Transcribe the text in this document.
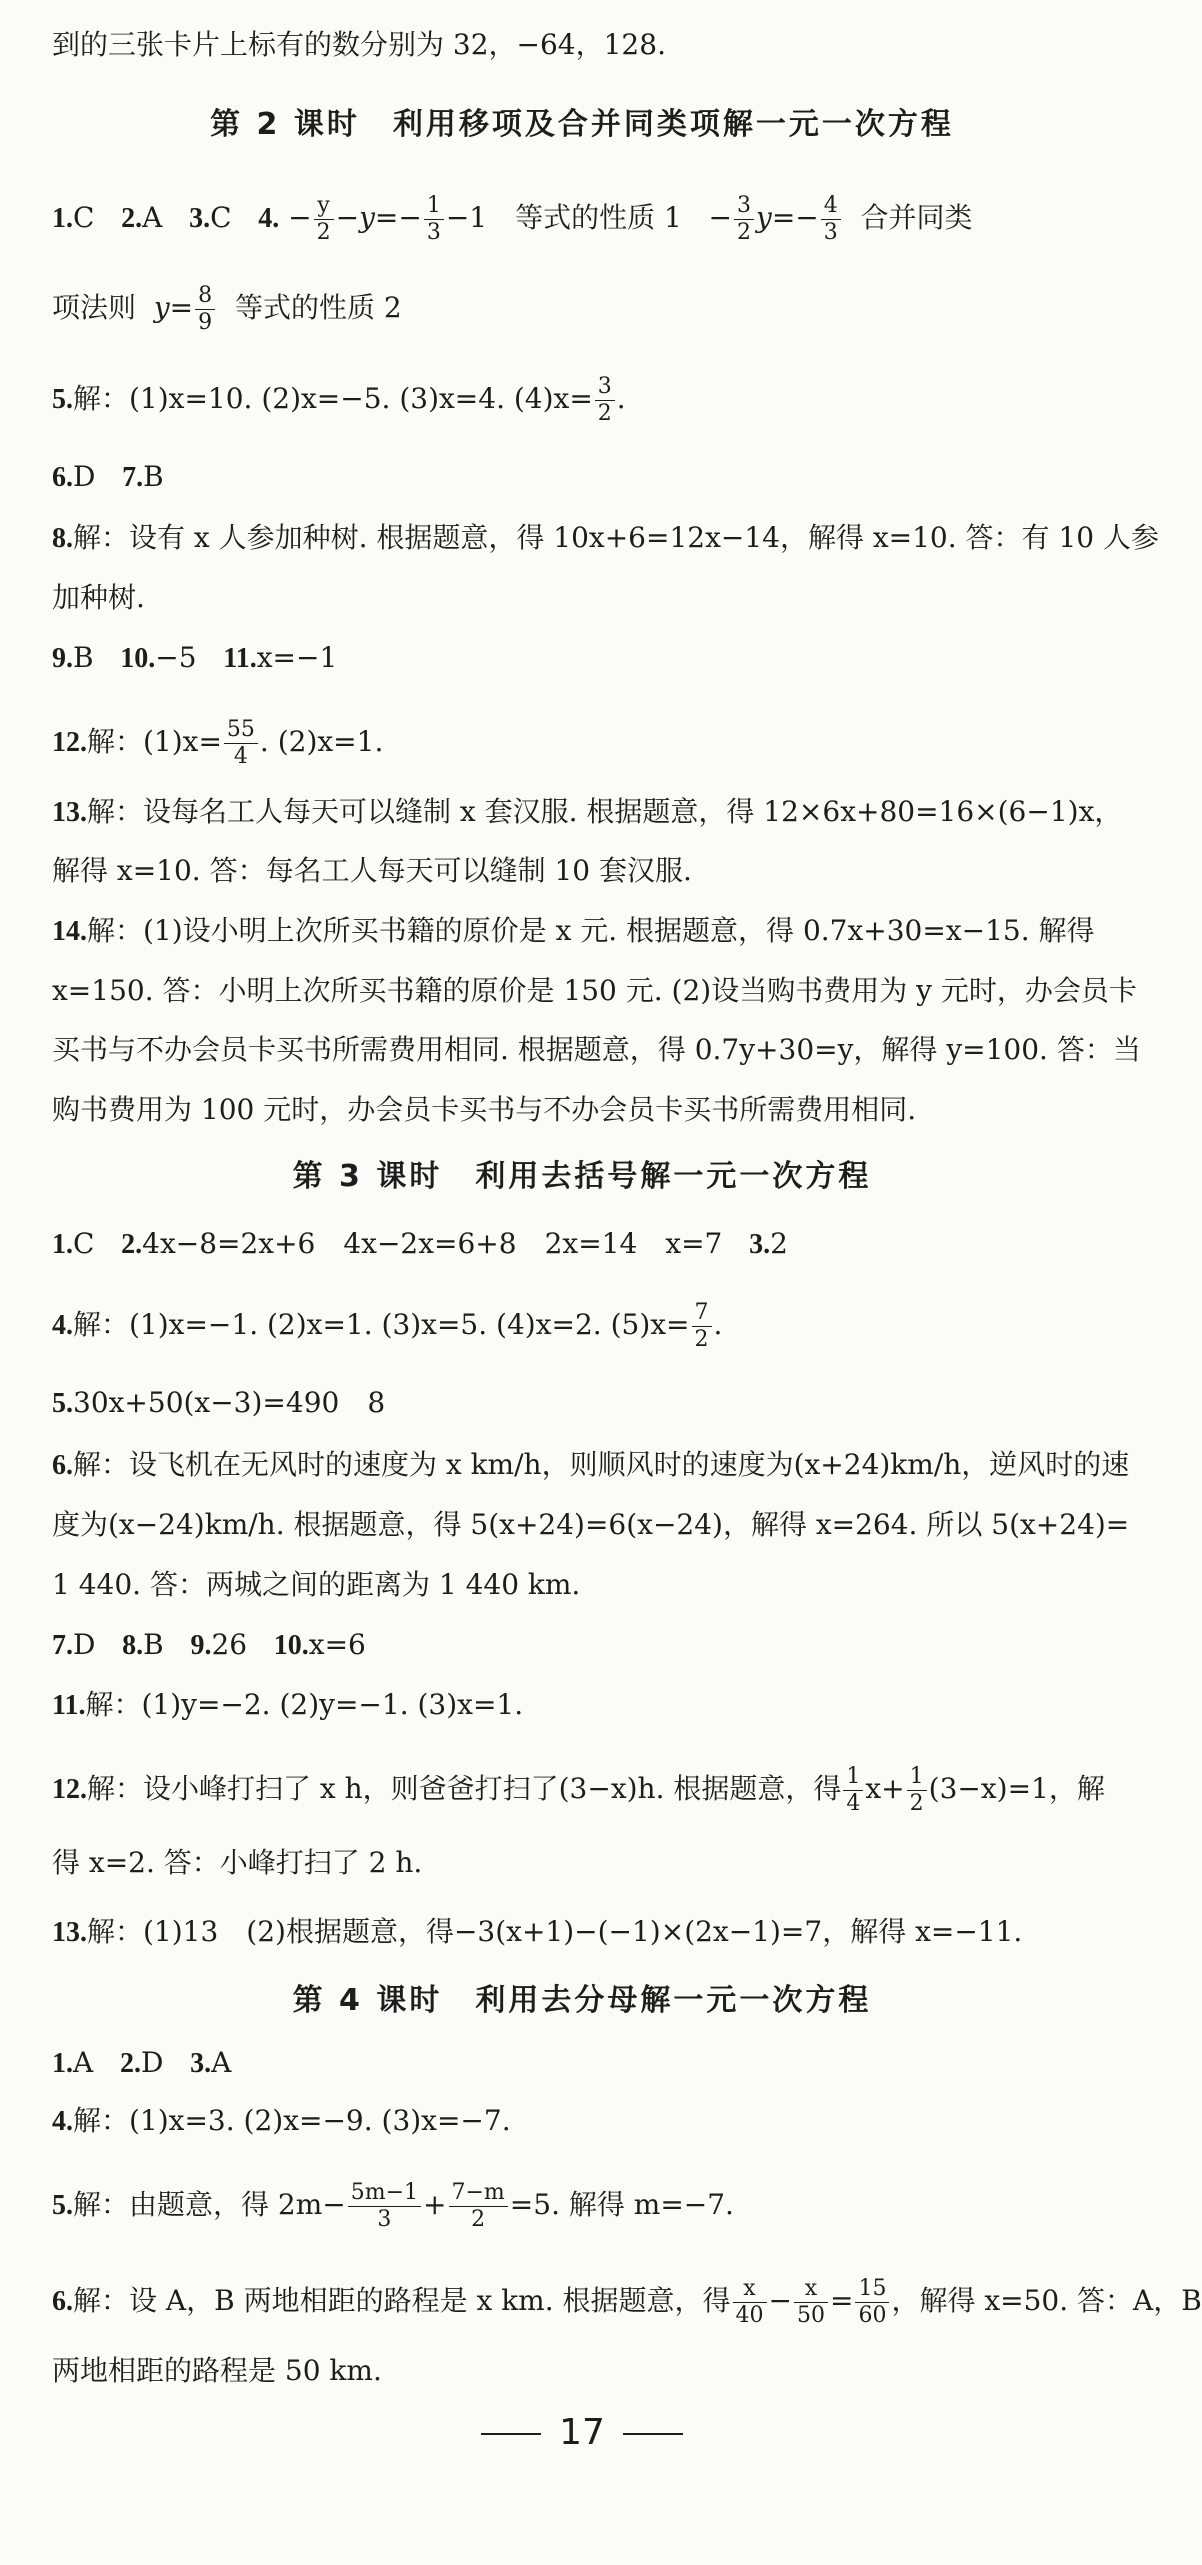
到的三张卡片上标有的数分别为 32，−64，128.
第 2 课时　利用移项及合并同类项解一元一次方程
1.C 2.A 3.C 4. − $\frac{y}{2} -y=- \frac{1}{3} -1$　等式的性质 $1 - \frac{3}{2} y=- \frac{4}{3}$ 合并同类
项法则 $y= \frac{8}{9}$ 等式的性质 2
5.解：(1)x=10. (2)x=−5. (3)x=4. $(4)x= \frac{3}{2}$ .
6.D 7.B
8.解：设有 x 人参加种树. 根据题意，得 10x+6=12x−14，解得 x=10. 答：有 10 人参
加种树.
9.B 10.−5 11.x=−1
12.解：$(1)x= \frac{55}{4}$ . (2)x=1.
13.解：设每名工人每天可以缝制 x 套汉服. 根据题意，得 12×6x+80=16×(6−1)x，
解得 x=10. 答：每名工人每天可以缝制 10 套汉服.
14.解：(1)设小明上次所买书籍的原价是 x 元. 根据题意，得 0.7x+30=x−15. 解得
x=150. 答：小明上次所买书籍的原价是 150 元. (2)设当购书费用为 y 元时，办会员卡
买书与不办会员卡买书所需费用相同. 根据题意，得 0.7y+30=y，解得 y=100. 答：当
购书费用为 100 元时，办会员卡买书与不办会员卡买书所需费用相同.
第 3 课时　利用去括号解一元一次方程
1.C 2.4x−8=2x+6　4x−2x=6+8　2x=14　x=7 3.2
4.解：(1)x=−1. (2)x=1. (3)x=5. (4)x=2. $(5)x= \frac{7}{2}$ .
5.30x+50(x−3)=490　8
6.解：设飞机在无风时的速度为 x km/h，则顺风时的速度为(x+24)km/h，逆风时的速
度为(x−24)km/h. 根据题意，得 5(x+24)=6(x−24)，解得 x=264. 所以 5(x+24)=
1 440. 答：两城之间的距离为 1 440 km.
7.D 8.B 9.26 10.x=6
11.解：(1)y=−2. (2)y=−1. (3)x=1.
12.解：设小峰打扫了 x h，则爸爸打扫了(3−x)h. 根据题意，得 $\frac{1}{4} x+ \frac{1}{2} (3-x)=1$，解
得 x=2. 答：小峰打扫了 2 h.
13.解：(1)13　(2)根据题意，得−3(x+1)−(−1)×(2x−1)=7，解得 x=−11.
第 4 课时　利用去分母解一元一次方程
1.A 2.D 3.A
4.解：(1)x=3. (2)x=−9. (3)x=−7.
5.解：由题意，得 $2m- \frac{5m-1}{3} + \frac{7-m}{2} =5$. 解得 m=−7.
6.解：设 A，B 两地相距的路程是 x km. 根据题意，得 $\frac{x}{40} - \frac{x}{50} = \frac{15}{60}$ ，解得 x=50. 答：A，B
两地相距的路程是 50 km.
17
